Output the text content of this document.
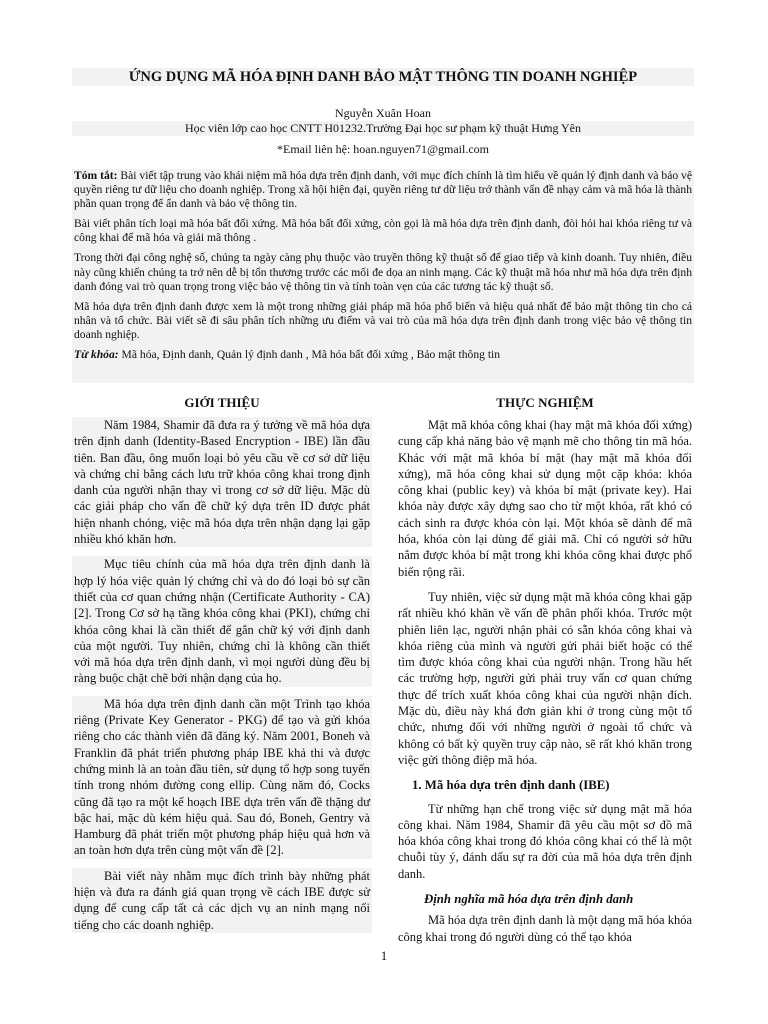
ỨNG DỤNG MÃ HÓA ĐỊNH DANH BẢO MẬT THÔNG TIN DOANH NGHIỆP
Nguyễn Xuân Hoan
Học viên lớp cao học CNTT H01232.Trường Đại học sư phạm kỹ thuật Hưng Yên
*Email liên hệ: hoan.nguyen71@gmail.com

Tóm tắt: Bài viết tập trung vào khái niệm mã hóa dựa trên định danh, với mục đích chính là tìm hiểu về quản lý định danh và bảo vệ quyền riêng tư dữ liệu cho doanh nghiệp. Trong xã hội hiện đại, quyền riêng tư dữ liệu trở thành vấn đề nhạy cảm và mã hóa là thành phần quan trọng để ẩn danh và bảo vệ thông tin.

Bài viết phân tích loại mã hóa bất đối xứng. Mã hóa bất đối xứng, còn gọi là mã hóa dựa trên định danh, đòi hỏi hai khóa riêng tư và công khai để mã hóa và giải mã thông .

Trong thời đại công nghệ số, chúng ta ngày càng phụ thuộc vào truyền thông kỹ thuật số để giao tiếp và kinh doanh. Tuy nhiên, điều này cũng khiến chúng ta trở nên dễ bị tổn thương trước các mối đe dọa an ninh mạng. Các kỹ thuật mã hóa như mã hóa dựa trên định danh đóng vai trò quan trọng trong việc bảo vệ thông tin và tính toàn vẹn của các tương tác kỹ thuật số.

Mã hóa dựa trên định danh được xem là một trong những giải pháp mã hóa phổ biến và hiệu quả nhất để bảo mật thông tin cho cá nhân và tổ chức. Bài viết sẽ đi sâu phân tích những ưu điểm và vai trò của mã hóa dựa trên định danh trong việc bảo vệ thông tin doanh nghiệp.

Từ khóa: Mã hóa, Định danh, Quản lý định danh , Mã hóa bất đối xứng , Bảo mật thông tin

GIỚI THIỆU

Năm 1984, Shamir đã đưa ra ý tưởng về mã hóa dựa trên định danh (Identity-Based Encryption - IBE) lần đầu tiên. Ban đầu, ông muốn loại bỏ yêu cầu về cơ sở dữ liệu và chứng chỉ bằng cách lưu trữ khóa công khai trong định danh của người nhận thay vì trong cơ sở dữ liệu. Mặc dù các giải pháp cho vấn đề chữ ký dựa trên ID được phát hiện nhanh chóng, việc mã hóa dựa trên nhận dạng lại gặp nhiều khó khăn hơn.

Mục tiêu chính của mã hóa dựa trên định danh là hợp lý hóa việc quản lý chứng chỉ và do đó loại bỏ sự cần thiết của cơ quan chứng nhận (Certificate Authority - CA) [2]. Trong Cơ sở hạ tầng khóa công khai (PKI), chứng chỉ khóa công khai là cần thiết để gắn chữ ký với định danh của một người. Tuy nhiên, chứng chỉ là không cần thiết với mã hóa dựa trên định danh, vì mọi người dùng đều bị ràng buộc chặt chẽ bởi nhận dạng của họ.

Mã hóa dựa trên định danh cần một Trình tạo khóa riêng (Private Key Generator - PKG) để tạo và gửi khóa riêng cho các thành viên đã đăng ký. Năm 2001, Boneh và Franklin đã phát triển phương pháp IBE khả thi và được chứng minh là an toàn đầu tiên, sử dụng tổ hợp song tuyến tính trong nhóm đường cong ellip. Cùng năm đó, Cocks cũng đã tạo ra một kế hoạch IBE dựa trên vấn đề thặng dư bậc hai, mặc dù kém hiệu quả. Sau đó, Boneh, Gentry và Hamburg đã phát triển một phương pháp hiệu quả hơn và an toàn hơn dựa trên cùng một vấn đề [2].

Bài viết này nhằm mục đích trình bày những phát hiện và đưa ra đánh giá quan trọng về cách IBE được sử dụng để cung cấp tất cả các dịch vụ an ninh mạng nổi tiếng cho các doanh nghiệp.

THỰC NGHIỆM

Mật mã khóa công khai (hay mật mã khóa đối xứng) cung cấp khả năng bảo vệ mạnh mẽ cho thông tin mã hóa. Khác với mật mã khóa bí mật (hay mật mã khóa đối xứng), mã hóa công khai sử dụng một cặp khóa: khóa công khai (public key) và khóa bí mật (private key). Hai khóa này được xây dựng sao cho từ một khóa, rất khó có cách sinh ra được khóa còn lại. Một khóa sẽ dành để mã hóa, khóa còn lại dùng để giải mã. Chỉ có người sở hữu nắm được khóa bí mật trong khi khóa công khai được phổ biến rộng rãi.

Tuy nhiên, việc sử dụng mật mã khóa công khai gặp rất nhiều khó khăn về vấn đề phân phối khóa. Trước một phiên liên lạc, người nhận phải có sẵn khóa công khai và khóa riêng của mình và người gửi phải biết hoặc có thể tìm được khóa công khai của người nhận. Trong hầu hết các trường hợp, người gửi phải truy vấn cơ quan chứng thực để trích xuất khóa công khai của người nhận đích. Mặc dù, điều này khá đơn giản khi ở trong cùng một tổ chức, nhưng đối với những người ở ngoài tổ chức và không có bất kỳ quyền truy cập nào, sẽ rất khó khăn trong việc gửi thông điệp mã hóa.

1. Mã hóa dựa trên định danh (IBE)

Từ những hạn chế trong việc sử dụng mật mã hóa công khai. Năm 1984, Shamir đã yêu cầu một sơ đồ mã hóa khóa công khai trong đó khóa công khai có thể là một chuỗi tùy ý, đánh dấu sự ra đời của mã hóa dựa trên định danh.

Định nghĩa mã hóa dựa trên định danh

Mã hóa dựa trên định danh là một dạng mã hóa khóa công khai trong đó người dùng có thể tạo khóa

1
